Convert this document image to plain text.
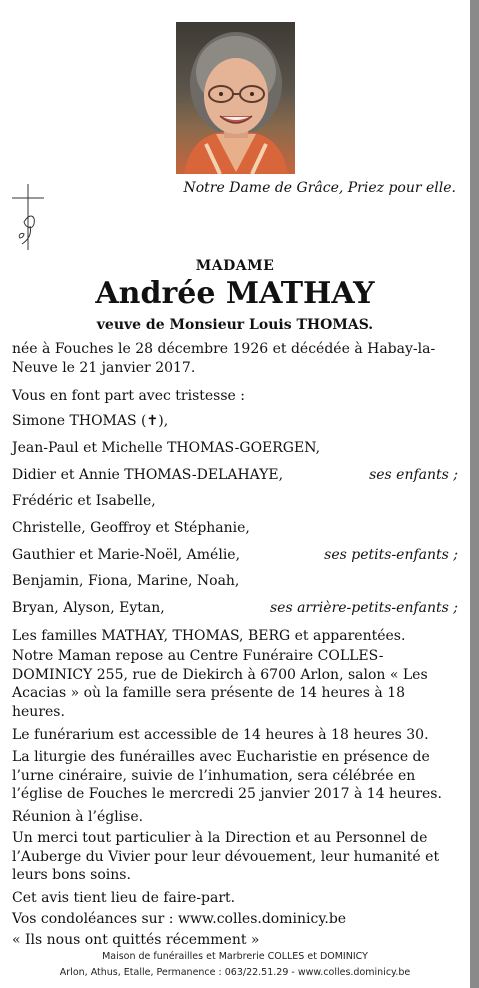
Notre Dame de Grâce, Priez pour elle.
MADAME
Andrée MATHAY
veuve de Monsieur Louis THOMAS.
née à Fouches le 28 décembre 1926 et décédée à Habay-la-Neuve le 21 janvier 2017.
Vous en font part avec tristesse :
Simone THOMAS (✝),
Jean-Paul et Michelle THOMAS-GOERGEN,
Didier et Annie THOMAS-DELAHAYE,	ses enfants ;
Frédéric et Isabelle,
Christelle, Geoffroy et Stéphanie,
Gauthier et Marie-Noël, Amélie,	ses petits-enfants ;
Benjamin, Fiona, Marine, Noah,
Bryan, Alyson, Eytan,	ses arrière-petits-enfants ;
Les familles MATHAY, THOMAS, BERG et apparentées.
Notre Maman repose au Centre Funéraire COLLES-DOMINICY 255, rue de Diekirch à 6700 Arlon, salon « Les Acacias » où la famille sera présente de 14 heures à 18 heures.
Le funérarium est accessible de 14 heures à 18 heures 30.
La liturgie des funérailles avec Eucharistie en présence de l’urne cinéraire, suivie de l’inhumation, sera célébrée en l’église de Fouches le mercredi 25 janvier 2017 à 14 heures.
Réunion à l’église.
Un merci tout particulier à la Direction et au Personnel de l’Auberge du Vivier pour leur dévouement, leur humanité et leurs bons soins.
Cet avis tient lieu de faire-part.
Vos condoléances sur : www.colles.dominicy.be
« Ils nous ont quittés récemment »
Maison de funérailles et Marbrerie COLLES et DOMINICY
Arlon, Athus, Etalle, Permanence : 063/22.51.29 - www.colles.dominicy.be
